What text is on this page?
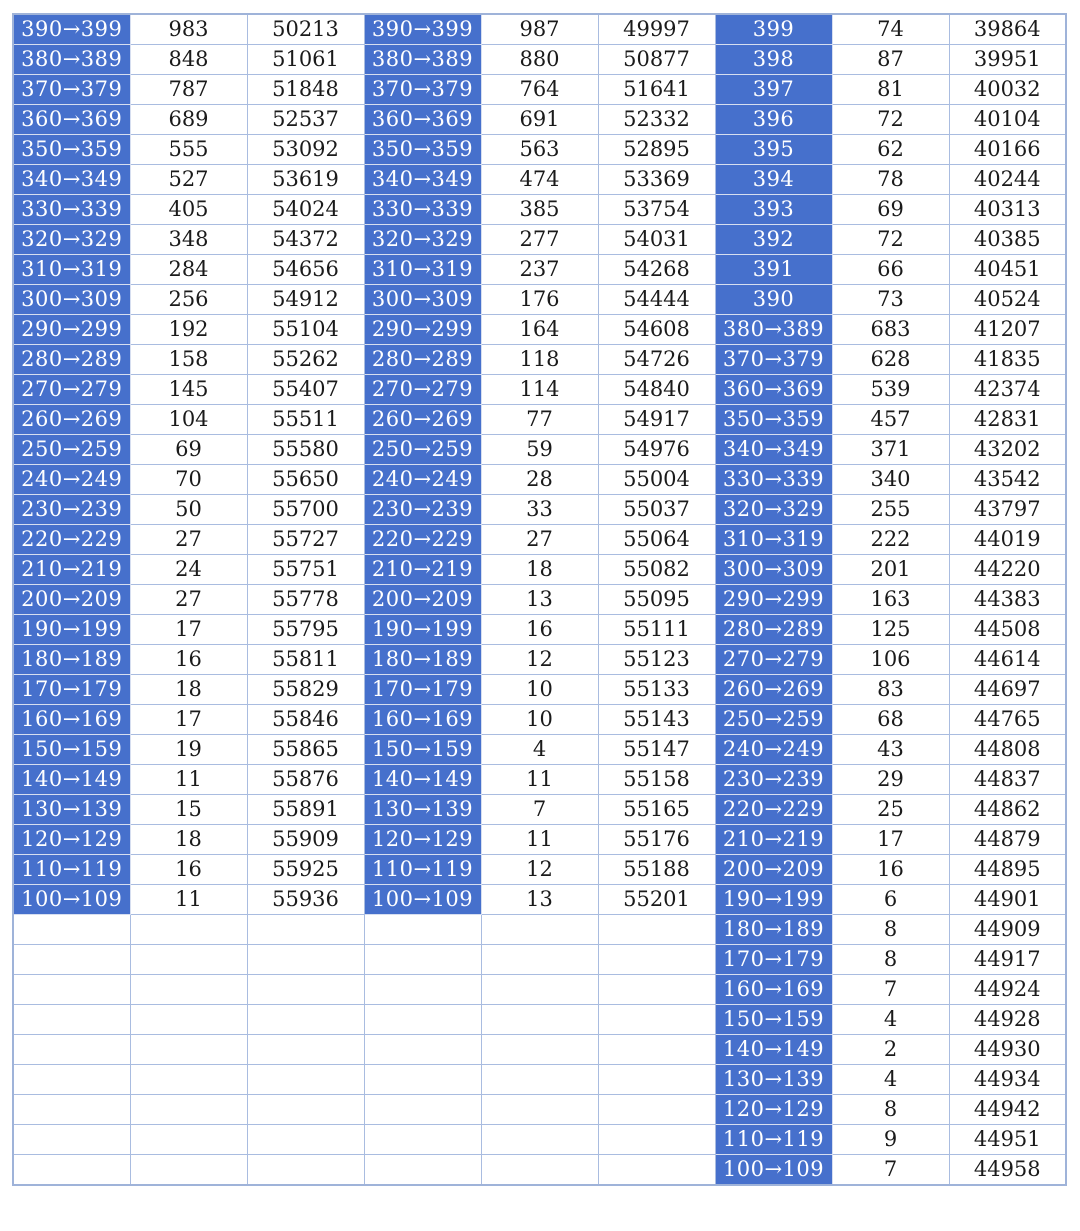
390→399	983	50213	390→399	987	49997	399	74	39864
380→389	848	51061	380→389	880	50877	398	87	39951
370→379	787	51848	370→379	764	51641	397	81	40032
360→369	689	52537	360→369	691	52332	396	72	40104
350→359	555	53092	350→359	563	52895	395	62	40166
340→349	527	53619	340→349	474	53369	394	78	40244
330→339	405	54024	330→339	385	53754	393	69	40313
320→329	348	54372	320→329	277	54031	392	72	40385
310→319	284	54656	310→319	237	54268	391	66	40451
300→309	256	54912	300→309	176	54444	390	73	40524
290→299	192	55104	290→299	164	54608	380→389	683	41207
280→289	158	55262	280→289	118	54726	370→379	628	41835
270→279	145	55407	270→279	114	54840	360→369	539	42374
260→269	104	55511	260→269	77	54917	350→359	457	42831
250→259	69	55580	250→259	59	54976	340→349	371	43202
240→249	70	55650	240→249	28	55004	330→339	340	43542
230→239	50	55700	230→239	33	55037	320→329	255	43797
220→229	27	55727	220→229	27	55064	310→319	222	44019
210→219	24	55751	210→219	18	55082	300→309	201	44220
200→209	27	55778	200→209	13	55095	290→299	163	44383
190→199	17	55795	190→199	16	55111	280→289	125	44508
180→189	16	55811	180→189	12	55123	270→279	106	44614
170→179	18	55829	170→179	10	55133	260→269	83	44697
160→169	17	55846	160→169	10	55143	250→259	68	44765
150→159	19	55865	150→159	4	55147	240→249	43	44808
140→149	11	55876	140→149	11	55158	230→239	29	44837
130→139	15	55891	130→139	7	55165	220→229	25	44862
120→129	18	55909	120→129	11	55176	210→219	17	44879
110→119	16	55925	110→119	12	55188	200→209	16	44895
100→109	11	55936	100→109	13	55201	190→199	6	44901
						180→189	8	44909
						170→179	8	44917
						160→169	7	44924
						150→159	4	44928
						140→149	2	44930
						130→139	4	44934
						120→129	8	44942
						110→119	9	44951
						100→109	7	44958
